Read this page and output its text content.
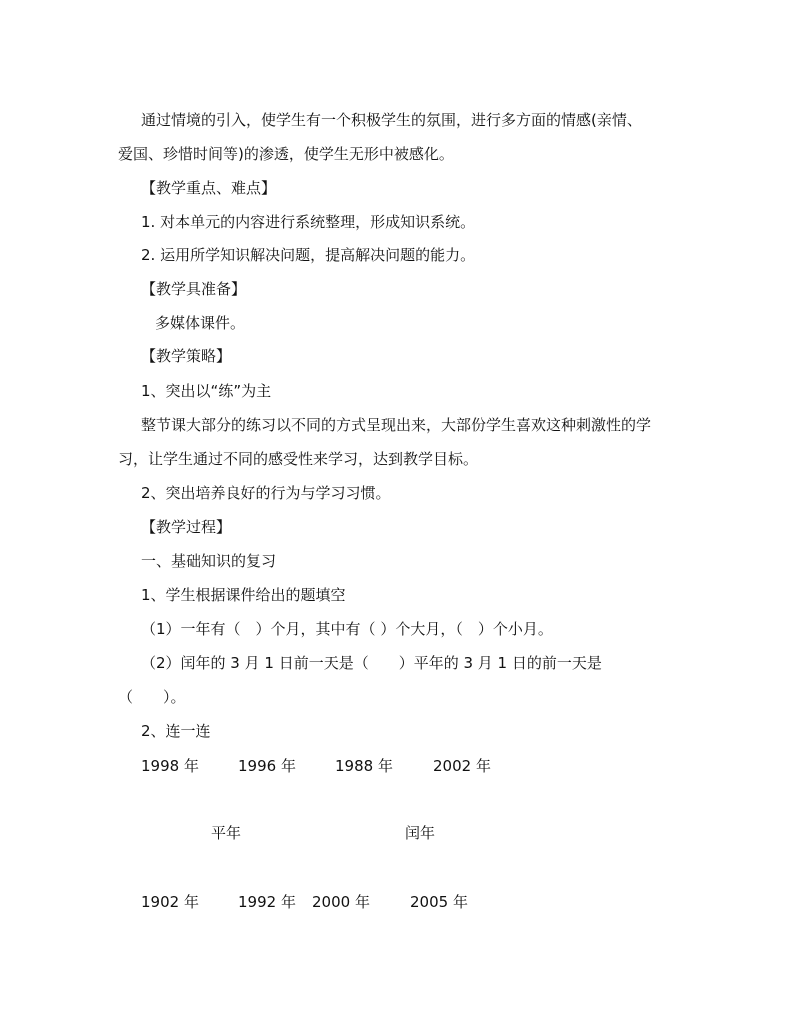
通过情境的引入，使学生有一个积极学生的氛围，进行多方面的情感(亲情、
爱国、珍惜时间等)的渗透，使学生无形中被感化。
【教学重点、难点】
1. 对本单元的内容进行系统整理，形成知识系统。
2. 运用所学知识解决问题，提高解决问题的能力。
【教学具准备】
多媒体课件。
【教学策略】
1、突出以“练”为主
整节课大部分的练习以不同的方式呈现出来，大部份学生喜欢这种刺激性的学
习，让学生通过不同的感受性来学习，达到教学目标。
2、突出培养良好的行为与学习习惯。
【教学过程】
一、基础知识的复习
1、学生根据课件给出的题填空
（1）一年有（　）个月，其中有（ ）个大月，（　）个小月。
（2）闰年的 3 月 1 日前一天是（　　）平年的 3 月 1 日的前一天是
（　　）。
2、连一连
1998 年	1996 年	1988 年	2002 年
平年	闰年
1902 年	1992 年 2000 年	2005 年
